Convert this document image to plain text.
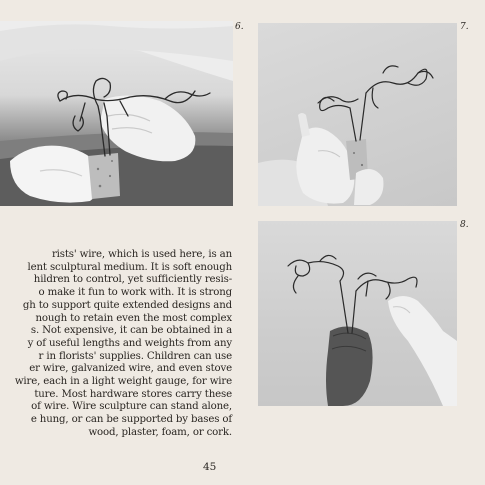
6.	7.
8.
rists' wire, which is used here, is an
lent sculptural medium. It is soft enough
hildren to control, yet sufficiently resis-
o make it fun to work with. It is strong
gh to support quite extended designs and
nough to retain even the most complex
s. Not expensive, it can be obtained in a
y of useful lengths and weights from any
r in florists' supplies. Children can use
er wire, galvanized wire, and even stove
wire, each in a light weight gauge, for wire
ture. Most hardware stores carry these
of wire. Wire sculpture can stand alone,
e hung, or can be supported by bases of
wood, plaster, foam, or cork.
45
